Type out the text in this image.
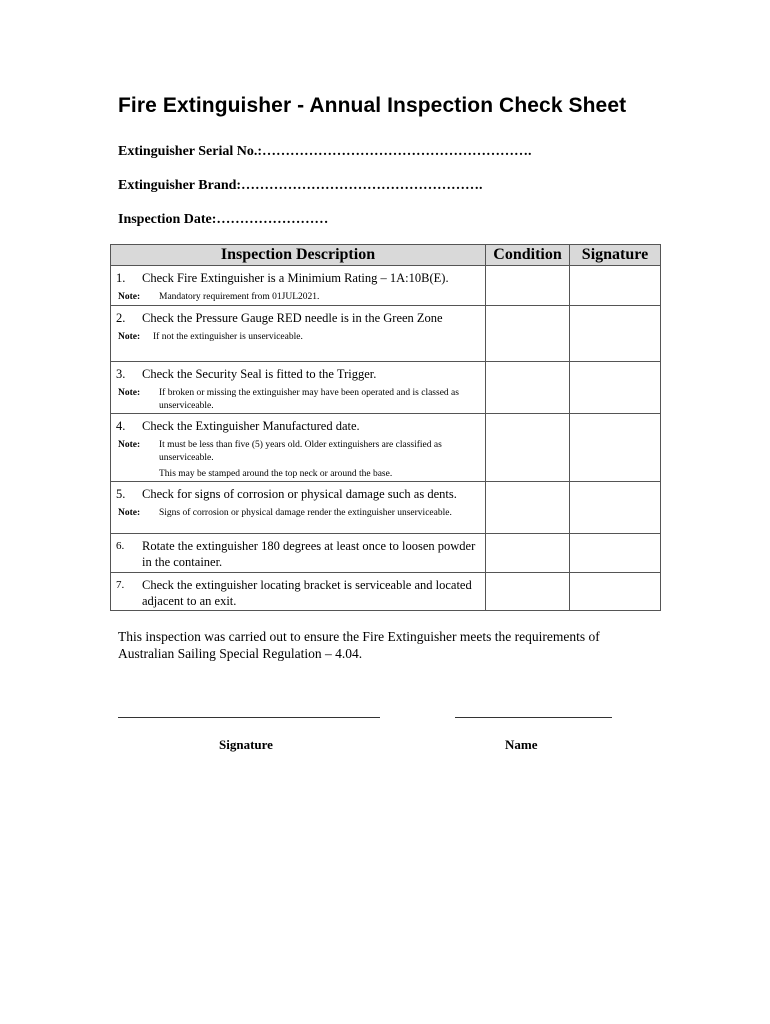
Fire Extinguisher - Annual Inspection Check Sheet
Extinguisher Serial No.:………………………………………………….
Extinguisher Brand:…………………………………………….
Inspection Date:……………………
Inspection Description	Condition	Signature

1. Check Fire Extinguisher is a Minimium Rating – 1A:10B(E).
Note: Mandatory requirement from 01JUL2021.		

2. Check the Pressure Gauge RED needle is in the Green Zone
Note: If not the extinguisher is unserviceable.		

3. Check the Security Seal is fitted to the Trigger.
Note: If broken or missing the extinguisher may have been operated and is classed as unserviceable.		

4. Check the Extinguisher Manufactured date.
Note: It must be less than five (5) years old. Older extinguishers are classified as unserviceable.
This may be stamped around the top neck or around the base.		

5. Check for signs of corrosion or physical damage such as dents.
Note: Signs of corrosion or physical damage render the extinguisher unserviceable.		

6. Rotate the extinguisher 180 degrees at least once to loosen powder in the container.		

7. Check the extinguisher locating bracket is serviceable and located adjacent to an exit.		

This inspection was carried out to ensure the Fire Extinguisher meets the requirements of Australian Sailing Special Regulation – 4.04.
Signature	Name
